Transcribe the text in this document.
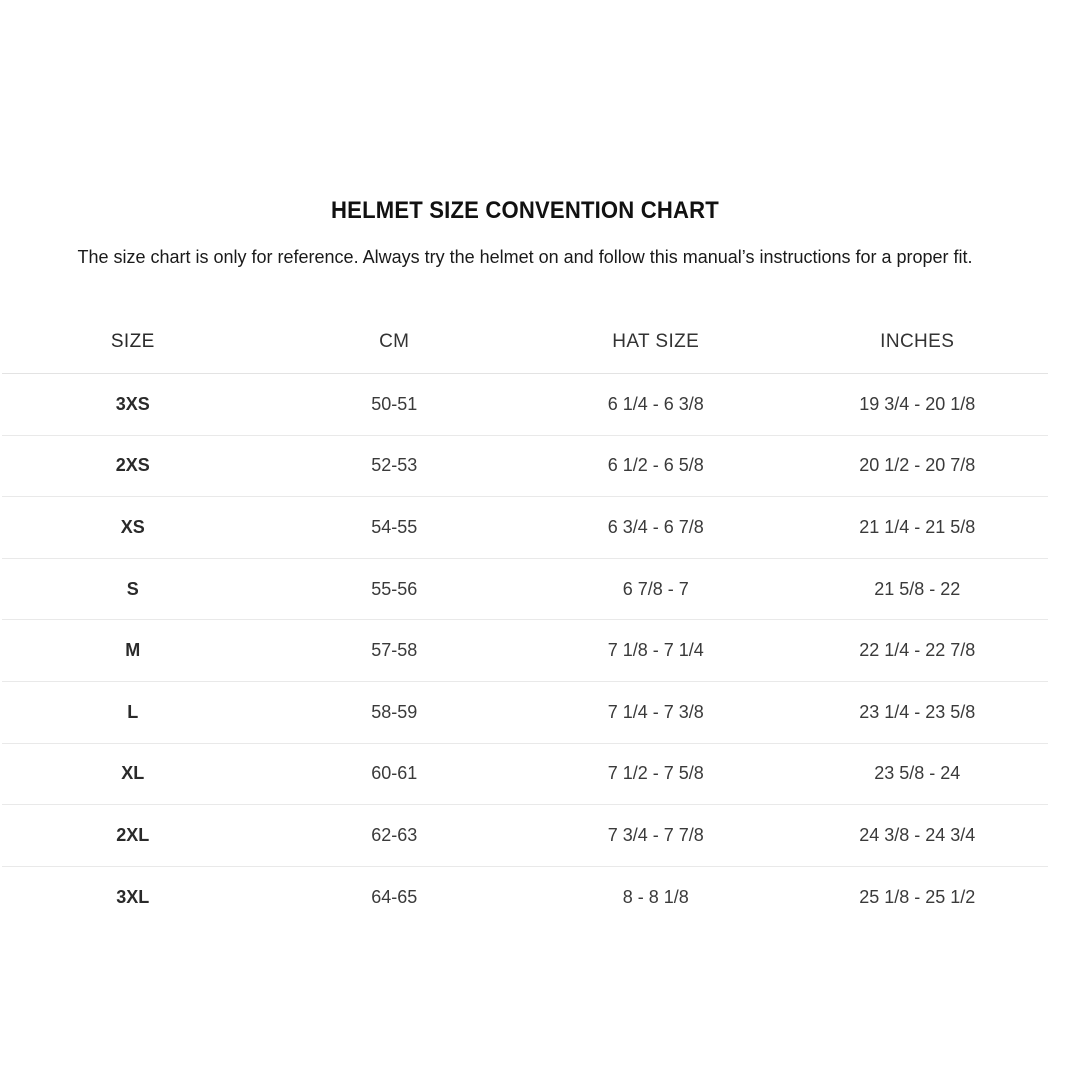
HELMET SIZE CONVENTION CHART
The size chart is only for reference. Always try the helmet on and follow this manual’s instructions for a proper fit.
SIZE	CM	HAT SIZE	INCHES
3XS	50-51	6 1/4 - 6 3/8	19 3/4 - 20 1/8
2XS	52-53	6 1/2 - 6 5/8	20 1/2 - 20 7/8
XS	54-55	6 3/4 - 6 7/8	21 1/4 - 21 5/8
S	55-56	6 7/8 - 7	21 5/8 - 22
M	57-58	7 1/8 - 7 1/4	22 1/4 - 22 7/8
L	58-59	7 1/4 - 7 3/8	23 1/4 - 23 5/8
XL	60-61	7 1/2 - 7 5/8	23 5/8 - 24
2XL	62-63	7 3/4 - 7 7/8	24 3/8 - 24 3/4
3XL	64-65	8 - 8 1/8	25 1/8 - 25 1/2
